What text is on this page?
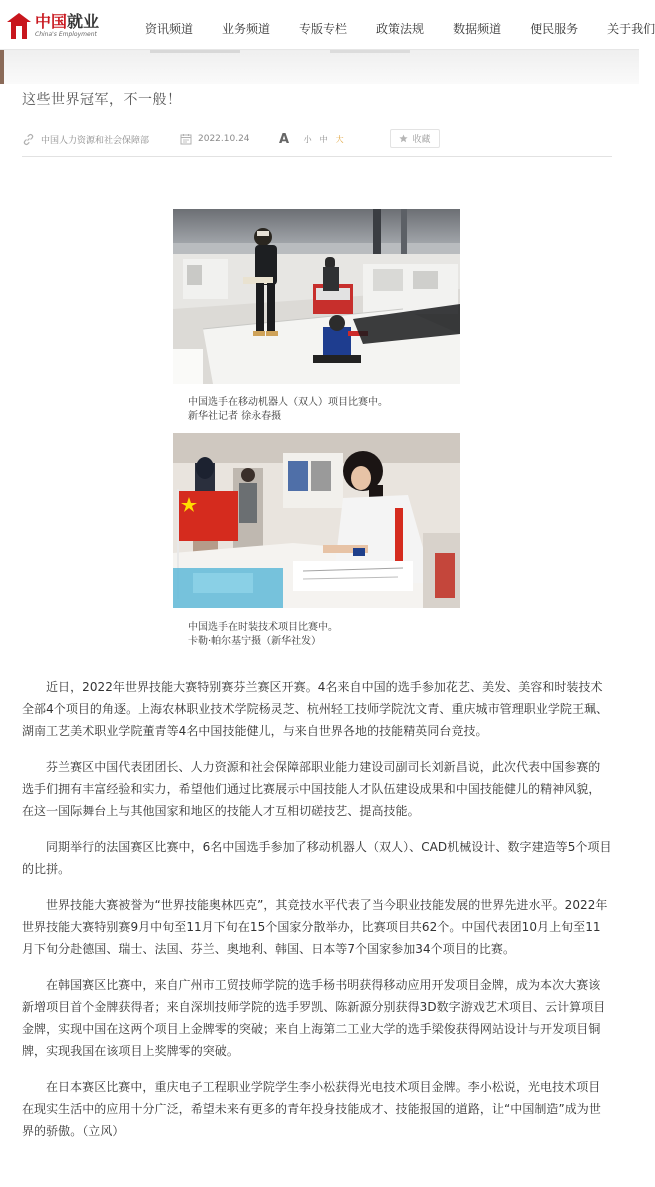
中国就业
China's Employment	资讯频道 业务频道 专版专栏 政策法规 数据频道 便民服务 关于我们
这些世界冠军，不一般！
中国人力资源和社会保障部	2022.10.24 A	小	中	大	收藏
中国选手在移动机器人（双人）项目比赛中。
新华社记者 徐永春摄
中国选手在时装技术项目比赛中。
卡勒·帕尔基宁摄（新华社发）

近日，2022年世界技能大赛特别赛芬兰赛区开赛。4名来自中国的选手参加花艺、美发、美容和时装技术全部4个项目的角逐。上海农林职业技术学院杨灵芝、杭州轻工技师学院沈文青、重庆城市管理职业学院王珮、湖南工艺美术职业学院董青等4名中国技能健儿，与来自世界各地的技能精英同台竞技。

芬兰赛区中国代表团团长、人力资源和社会保障部职业能力建设司副司长刘新昌说，此次代表中国参赛的选手们拥有丰富经验和实力，希望他们通过比赛展示中国技能人才队伍建设成果和中国技能健儿的精神风貌，在这一国际舞台上与其他国家和地区的技能人才互相切磋技艺、提高技能。

同期举行的法国赛区比赛中，6名中国选手参加了移动机器人（双人）、CAD机械设计、数字建造等5个项目的比拼。

世界技能大赛被誉为“世界技能奥林匹克”，其竞技水平代表了当今职业技能发展的世界先进水平。2022年世界技能大赛特别赛9月中旬至11月下旬在15个国家分散举办，比赛项目共62个。中国代表团10月上旬至11月下旬分赴德国、瑞士、法国、芬兰、奥地利、韩国、日本等7个国家参加34个项目的比赛。

在韩国赛区比赛中，来自广州市工贸技师学院的选手杨书明获得移动应用开发项目金牌，成为本次大赛该新增项目首个金牌获得者；来自深圳技师学院的选手罗凯、陈新源分别获得3D数字游戏艺术项目、云计算项目金牌，实现中国在这两个项目上金牌零的突破；来自上海第二工业大学的选手梁俊获得网站设计与开发项目铜牌，实现我国在该项目上奖牌零的突破。

在日本赛区比赛中，重庆电子工程职业学院学生李小松获得光电技术项目金牌。李小松说，光电技术项目在现实生活中的应用十分广泛，希望未来有更多的青年投身技能成才、技能报国的道路，让“中国制造”成为世界的骄傲。（立风）
